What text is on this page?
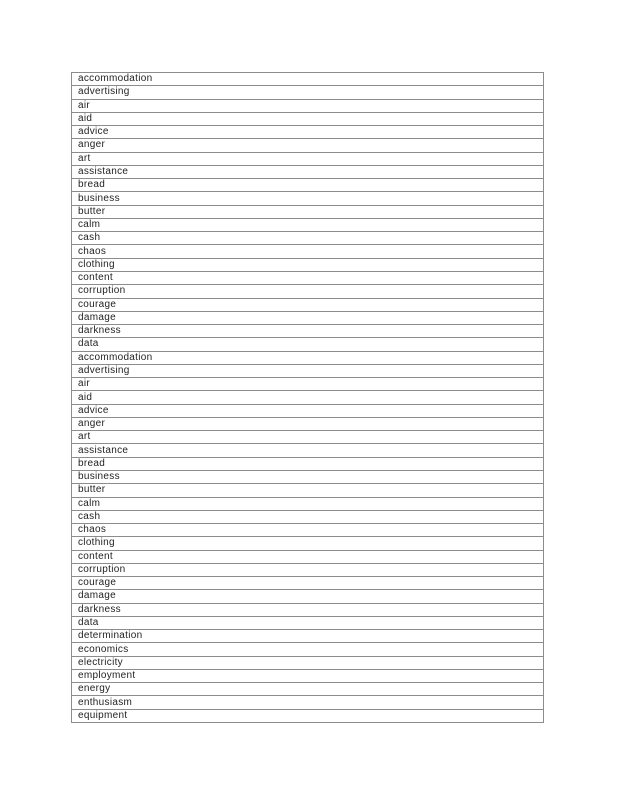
accommodation
advertising
air
aid
advice
anger
art
assistance
bread
business
butter
calm
cash
chaos
clothing
content
corruption
courage
damage
darkness
data
accommodation
advertising
air
aid
advice
anger
art
assistance
bread
business
butter
calm
cash
chaos
clothing
content
corruption
courage
damage
darkness
data
determination
economics
electricity
employment
energy
enthusiasm
equipment
